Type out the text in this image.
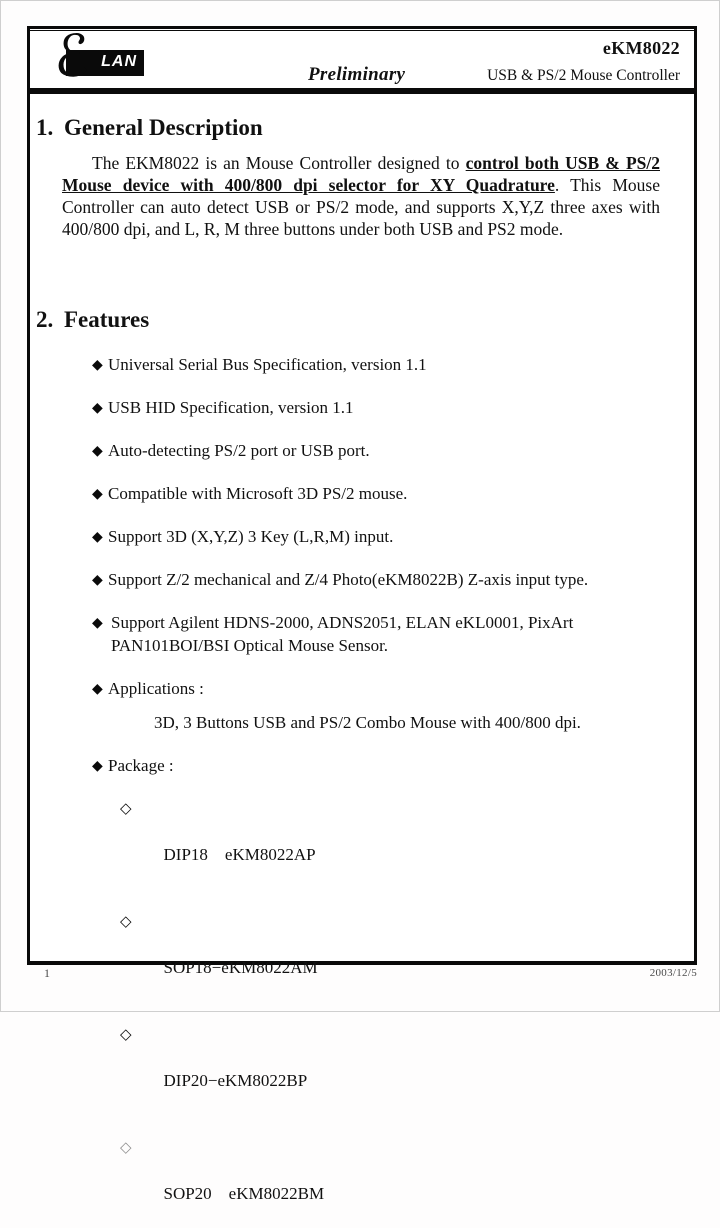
LAN
ℰ	eKM8022
Preliminary	USB & PS/2 Mouse Controller
1. General Description

The EKM8022 is an Mouse Controller designed to control both USB & PS/2 Mouse device with 400/800 dpi selector for XY Quadrature. This Mouse Controller can auto detect USB or PS/2 mode, and supports X,Y,Z three axes with 400/800 dpi, and L, R, M three buttons under both USB and PS2 mode.

2. Features
◆ Universal Serial Bus Specification, version 1.1
◆ USB HID Specification, version 1.1
◆ Auto-detecting PS/2 port or USB port.
◆ Compatible with Microsoft 3D PS/2 mouse.
◆ Support 3D (X,Y,Z) 3 Key (L,R,M) input.
◆ Support Z/2 mechanical and Z/4 Photo(eKM8022B) Z-axis input type.
◆ Support Agilent HDNS-2000, ADNS2051, ELAN eKL0001, PixArt PAN101BOI/BSI Optical Mouse Sensor.
◆ Applications :
3D, 3 Buttons USB and PS/2 Combo Mouse with 400/800 dpi.
◆ Package :

◇

DIP18    eKM8022AP

◇

SOP18−eKM8022AM

◇

DIP20−eKM8022BP

◇

SOP20    eKM8022BM

1	2003/12/5
